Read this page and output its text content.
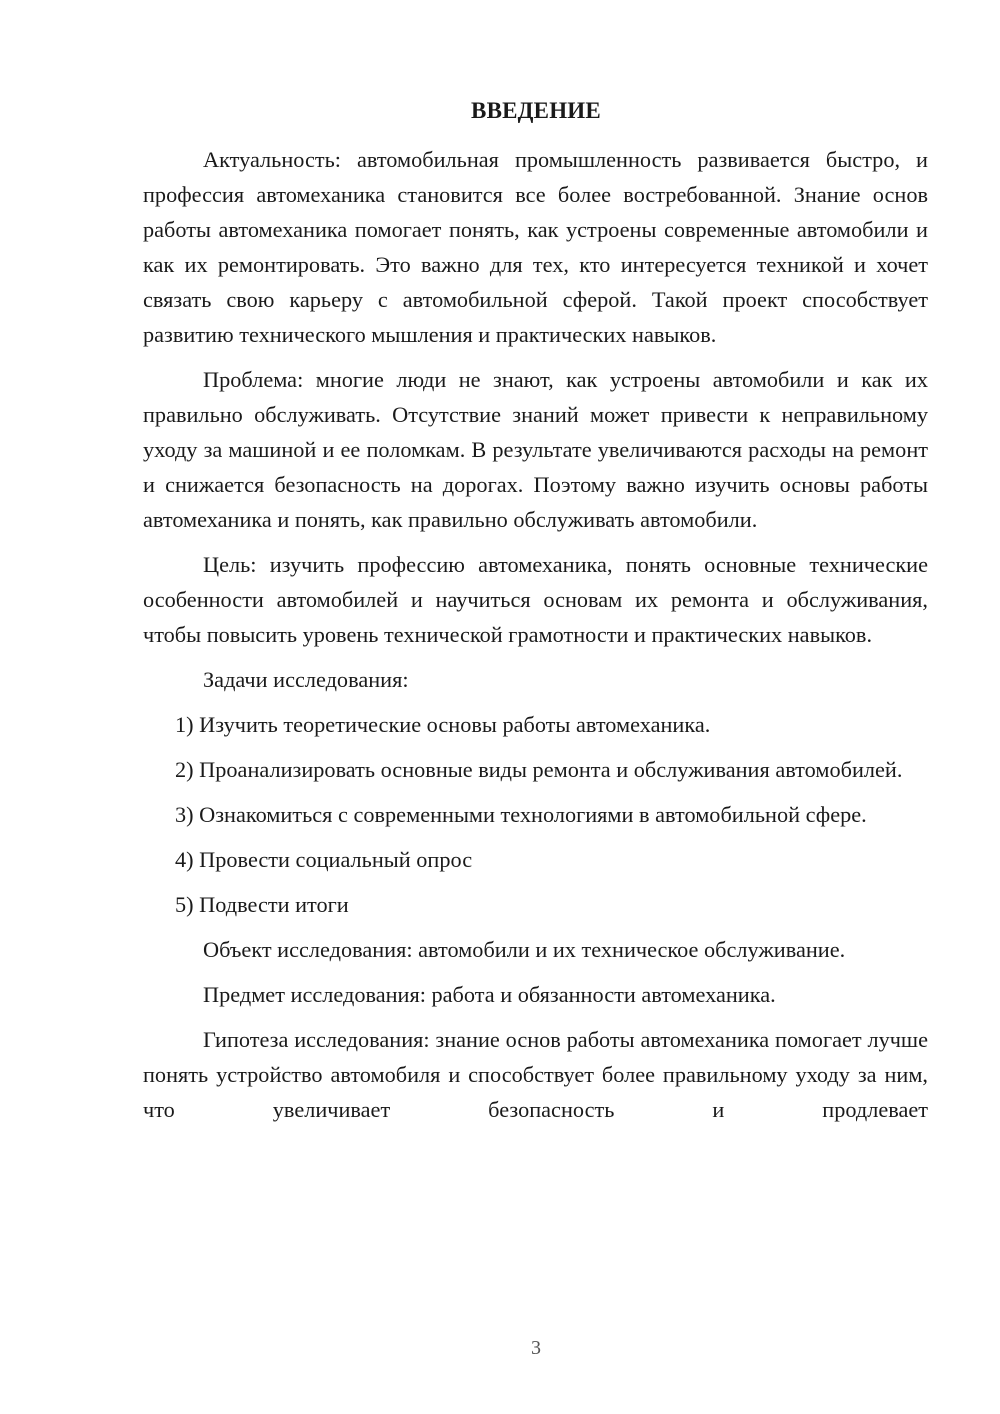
ВВЕДЕНИЕ

Актуальность: автомобильная промышленность развивается быстро, и профессия автомеханика становится все более востребованной. Знание основ работы автомеханика помогает понять, как устроены современные автомобили и как их ремонтировать. Это важно для тех, кто интересуется техникой и хочет связать свою карьеру с автомобильной сферой. Такой проект способствует развитию технического мышления и практических навыков.

Проблема: многие люди не знают, как устроены автомобили и как их правильно обслуживать. Отсутствие знаний может привести к неправильному уходу за машиной и ее поломкам. В результате увеличиваются расходы на ремонт и снижается безопасность на дорогах. Поэтому важно изучить основы работы автомеханика и понять, как правильно обслуживать автомобили.

Цель: изучить профессию автомеханика, понять основные технические особенности автомобилей и научиться основам их ремонта и обслуживания, чтобы повысить уровень технической грамотности и практических навыков.

Задачи исследования:

1) Изучить теоретические основы работы автомеханика.

2) Проанализировать основные виды ремонта и обслуживания автомобилей.

3) Ознакомиться с современными технологиями в автомобильной сфере.

4) Провести социальный опрос

5) Подвести итоги

Объект исследования: автомобили и их техническое обслуживание.

Предмет исследования: работа и обязанности автомеханика.

Гипотеза исследования: знание основ работы автомеханика помогает лучше понять устройство автомобиля и способствует более правильному уходу за ним, что увеличивает безопасность и продлевает

3
